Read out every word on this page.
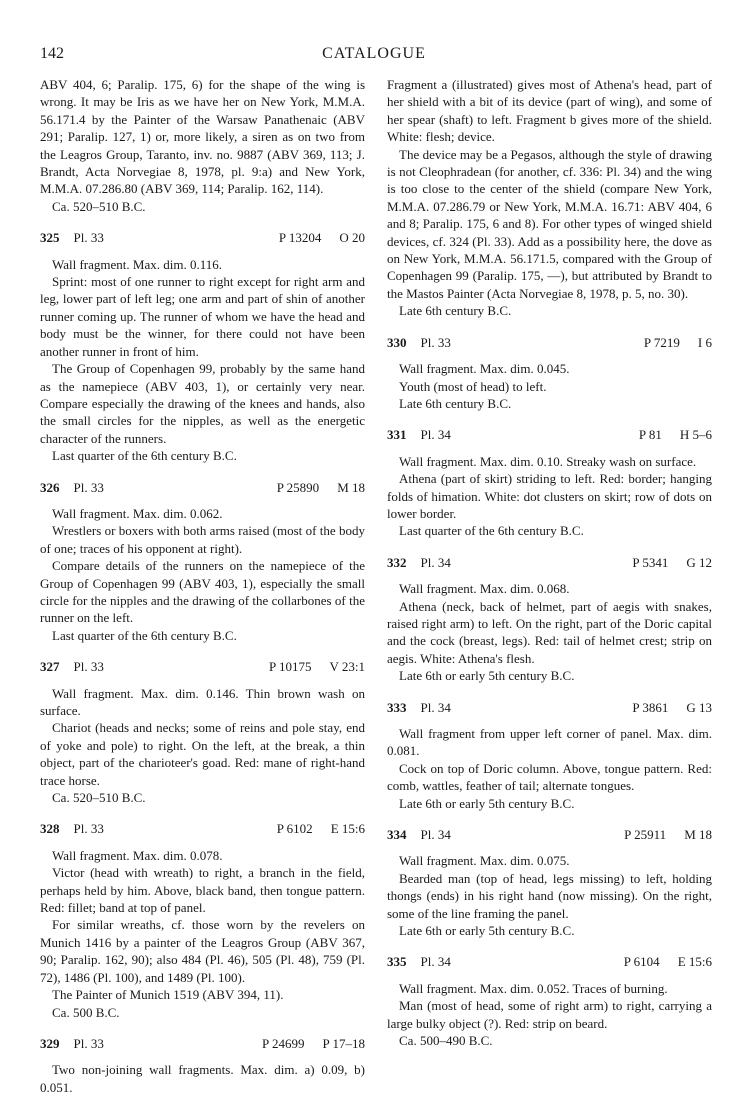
142	CATALOGUE

ABV 404, 6; Paralip. 175, 6) for the shape of the wing is wrong. It may be Iris as we have her on New York, M.M.A. 56.171.4 by the Painter of the Warsaw Panathenaic (ABV 291; Paralip. 127, 1) or, more likely, a siren as on two from the Leagros Group, Taranto, inv. no. 9887 (ABV 369, 113; J. Brandt, Acta Norvegiae 8, 1978, pl. 9:a) and New York, M.M.A. 07.286.80 (ABV 369, 114; Paralip. 162, 114).

Ca. 520–510 B.C.

325 Pl. 33	P 13204 O 20

Wall fragment. Max. dim. 0.116.

Sprint: most of one runner to right except for right arm and leg, lower part of left leg; one arm and part of shin of another runner coming up. The runner of whom we have the head and body must be the winner, for there could not have been another runner in front of him.

The Group of Copenhagen 99, probably by the same hand as the namepiece (ABV 403, 1), or certainly very near. Compare especially the drawing of the knees and hands, also the small circles for the nipples, as well as the energetic character of the runners.

Last quarter of the 6th century B.C.

326 Pl. 33	P 25890 M 18

Wall fragment. Max. dim. 0.062.

Wrestlers or boxers with both arms raised (most of the body of one; traces of his opponent at right).

Compare details of the runners on the namepiece of the Group of Copenhagen 99 (ABV 403, 1), especially the small circle for the nipples and the drawing of the collarbones of the runner on the left.

Last quarter of the 6th century B.C.

327 Pl. 33	P 10175 V 23:1

Wall fragment. Max. dim. 0.146. Thin brown wash on surface.

Chariot (heads and necks; some of reins and pole stay, end of yoke and pole) to right. On the left, at the break, a thin object, part of the charioteer's goad. Red: mane of right-hand trace horse.

Ca. 520–510 B.C.

328 Pl. 33	P 6102 E 15:6

Wall fragment. Max. dim. 0.078.

Victor (head with wreath) to right, a branch in the field, perhaps held by him. Above, black band, then tongue pattern. Red: fillet; band at top of panel.

For similar wreaths, cf. those worn by the revelers on Munich 1416 by a painter of the Leagros Group (ABV 367, 90; Paralip. 162, 90); also 484 (Pl. 46), 505 (Pl. 48), 759 (Pl. 72), 1486 (Pl. 100), and 1489 (Pl. 100).

The Painter of Munich 1519 (ABV 394, 11).

Ca. 500 B.C.

329 Pl. 33	P 24699 P 17–18

Two non-joining wall fragments. Max. dim. a) 0.09, b) 0.051.

Fragment a (illustrated) gives most of Athena's head, part of her shield with a bit of its device (part of wing), and some of her spear (shaft) to left. Fragment b gives more of the shield. White: flesh; device.

The device may be a Pegasos, although the style of drawing is not Cleophradean (for another, cf. 336: Pl. 34) and the wing is too close to the center of the shield (compare New York, M.M.A. 07.286.79 or New York, M.M.A. 16.71: ABV 404, 6 and 8; Paralip. 175, 6 and 8). For other types of winged shield devices, cf. 324 (Pl. 33). Add as a possibility here, the dove as on New York, M.M.A. 56.171.5, compared with the Group of Copenhagen 99 (Paralip. 175, —), but attributed by Brandt to the Mastos Painter (Acta Norvegiae 8, 1978, p. 5, no. 30).

Late 6th century B.C.

330 Pl. 33	P 7219 I 6

Wall fragment. Max. dim. 0.045.

Youth (most of head) to left.

Late 6th century B.C.

331 Pl. 34	P 81 H 5–6

Wall fragment. Max. dim. 0.10. Streaky wash on surface.

Athena (part of skirt) striding to left. Red: border; hanging folds of himation. White: dot clusters on skirt; row of dots on lower border.

Last quarter of the 6th century B.C.

332 Pl. 34	P 5341 G 12

Wall fragment. Max. dim. 0.068.

Athena (neck, back of helmet, part of aegis with snakes, raised right arm) to left. On the right, part of the Doric capital and the cock (breast, legs). Red: tail of helmet crest; strip on aegis. White: Athena's flesh.

Late 6th or early 5th century B.C.

333 Pl. 34	P 3861 G 13

Wall fragment from upper left corner of panel. Max. dim. 0.081.

Cock on top of Doric column. Above, tongue pattern. Red: comb, wattles, feather of tail; alternate tongues.

Late 6th or early 5th century B.C.

334 Pl. 34	P 25911 M 18

Wall fragment. Max. dim. 0.075.

Bearded man (top of head, legs missing) to left, holding thongs (ends) in his right hand (now missing). On the right, some of the line framing the panel.

Late 6th or early 5th century B.C.

335 Pl. 34	P 6104 E 15:6

Wall fragment. Max. dim. 0.052. Traces of burning.

Man (most of head, some of right arm) to right, carrying a large bulky object (?). Red: strip on beard.

Ca. 500–490 B.C.
